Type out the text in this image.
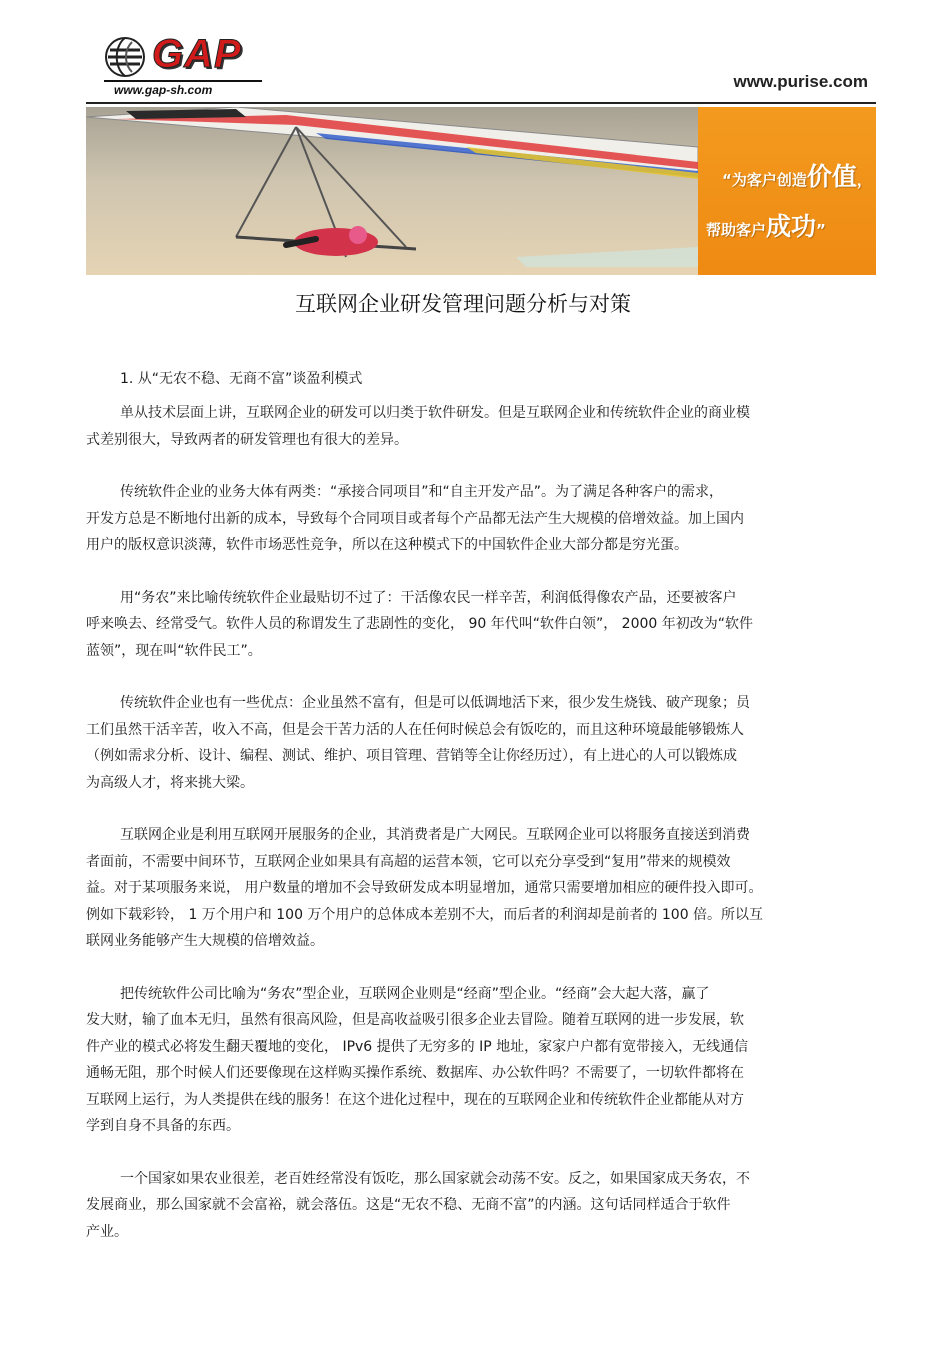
GAP
www.gap-sh.com	www.purise.com
“为客户创造价值，
帮助客户成功”
互联网企业研发管理问题分析与对策
1. 从“无农不稳、无商不富”谈盈利模式
单从技术层面上讲，互联网企业的研发可以归类于软件研发。但是互联网企业和传统软件企业的商业模
式差别很大，导致两者的研发管理也有很大的差异。
传统软件企业的业务大体有两类：“承接合同项目”和“自主开发产品”。为了满足各种客户的需求，
开发方总是不断地付出新的成本，导致每个合同项目或者每个产品都无法产生大规模的倍增效益。加上国内
用户的版权意识淡薄，软件市场恶性竞争，所以在这种模式下的中国软件企业大部分都是穷光蛋。
用“务农”来比喻传统软件企业最贴切不过了：干活像农民一样辛苦，利润低得像农产品，还要被客户
呼来唤去、经常受气。软件人员的称谓发生了悲剧性的变化， 90 年代叫“软件白领”， 2000 年初改为“软件
蓝领”，现在叫“软件民工”。
传统软件企业也有一些优点：企业虽然不富有，但是可以低调地活下来，很少发生烧钱、破产现象；员
工们虽然干活辛苦，收入不高，但是会干苦力活的人在任何时候总会有饭吃的，而且这种环境最能够锻炼人
（例如需求分析、设计、编程、测试、维护、项目管理、营销等全让你经历过），有上进心的人可以锻炼成
为高级人才，将来挑大梁。
互联网企业是利用互联网开展服务的企业，其消费者是广大网民。互联网企业可以将服务直接送到消费
者面前，不需要中间环节，互联网企业如果具有高超的运营本领，它可以充分享受到“复用”带来的规模效
益。对于某项服务来说， 用户数量的增加不会导致研发成本明显增加，通常只需要增加相应的硬件投入即可。
例如下载彩铃， 1 万个用户和 100 万个用户的总体成本差别不大，而后者的利润却是前者的 100 倍。所以互
联网业务能够产生大规模的倍增效益。
把传统软件公司比喻为“务农”型企业，互联网企业则是“经商”型企业。“经商”会大起大落，赢了
发大财，输了血本无归，虽然有很高风险，但是高收益吸引很多企业去冒险。随着互联网的进一步发展，软
件产业的模式必将发生翻天覆地的变化， IPv6 提供了无穷多的 IP 地址，家家户户都有宽带接入，无线通信
通畅无阻，那个时候人们还要像现在这样购买操作系统、数据库、办公软件吗？不需要了，一切软件都将在
互联网上运行，为人类提供在线的服务！在这个进化过程中，现在的互联网企业和传统软件企业都能从对方
学到自身不具备的东西。
一个国家如果农业很差，老百姓经常没有饭吃，那么国家就会动荡不安。反之，如果国家成天务农，不
发展商业，那么国家就不会富裕，就会落伍。这是“无农不稳、无商不富”的内涵。这句话同样适合于软件
产业。
